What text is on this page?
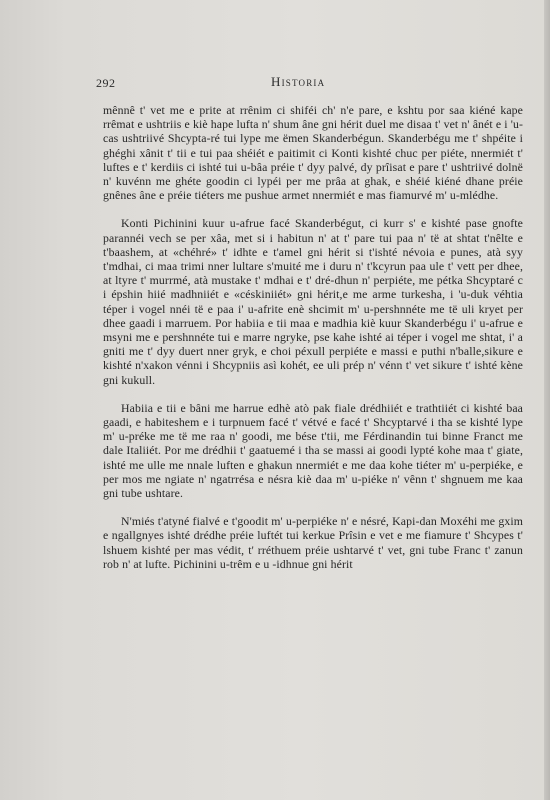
292	Historia

mênnê t' vet me e prite at rrênim ci shiféi ch' n'e pare, e kshtu por saa kiéné kape rrêmat e ushtriis e kiè hape lufta n' shum âne gni hérit duel me disaa t' vet n' ânét e i 'u-cas ushtriivé Shcypta-ré tui lype me ëmen Skanderbégun. Skanderbégu me t' shpéite i ghéghi xânit t' tii e tui paa shéiét e paitimit ci Konti kishté chuc per piéte, nnermiét t' luftes e t' kerdiis ci ishté tui u-bâa préie t' dyy palvé, dy prîisat e pare t' ushtriivé dolnë n' kuvénn me ghéte goodin ci lypéi per me prâa at ghak, e shéié kiéné dhane préie gnênes âne e préie tiéters me pushue armet nnermiét e mas fiamurvé m' u-mlédhe.

Konti Pichinini kuur u-afrue facé Skanderbégut, ci kurr s' e kishté pase gnofte parannéi vech se per xâa, met si i habitun n' at t' pare tui paa n' të at shtat t'nêlte e t'baashem, at «chéhré» t' idhte e t'amel gni hérit si t'ishté névoia e punes, atà syy t'mdhai, ci maa trimi nner lultare s'muité me i duru n' t'kcyrun paa ule t' vett per dhee, at ltyre t' murrmé, atà mustake t' mdhai e t' dré-dhun n' perpiéte, me pétka Shcyptaré c i épshin hiié madhniiét e «céskiniiét» gni hérit,e me arme turkesha, i 'u-duk véhtia téper i vogel nnéi të e paa i' u-afrite enè shcimit m' u-pershnnéte me të uli kryet per dhee gaadi i marruem. Por habiia e tii maa e madhia kiè kuur Skanderbégu i' u-afrue e msyni me e pershnnéte tui e marre ngryke, pse kahe ishté ai téper i vogel me shtat, i' a gniti me t' dyy duert nner gryk, e choi péxull perpiéte e massi e puthi n'balle,sikure e kishté n'xakon vénni i Shcypniis asì kohét, ee uli prép n' vénn t' vet sikure t' ishté kène gni kukull.

Habiia e tii e bâni me harrue edhè atò pak fiale drédhiiét e trathtiiét ci kishté baa gaadi, e habiteshem e i turpnuem facé t' vétvé e facé t' Shcyptarvé i tha se kishté lype m' u-préke me të me raa n' goodi, me bése t'tii, me Férdinandin tui binne Franct me dale Italiiét. Por me drédhii t' gaatuemé i tha se massi ai goodi lypté kohe maa t' giate, ishté me ulle me nnale luften e ghakun nnermiét e me daa kohe tiéter m' u-perpiéke, e per mos me ngiate n' ngatrrésa e nésra kiè daa m' u-piéke n' vênn t' shgnuem me kaa gni tube ushtare.

N'miés t'atyné fialvé e t'goodit m' u-perpiéke n' e nésré, Kapi-dan Moxéhi me gxim e ngallgnyes ishté drédhe préie luftét tui kerkue Prîsin e vet e me fiamure t' Shcypes t' lshuem kishté per mas védit, t' rréthuem préie ushtarvé t' vet, gni tube Franc t' zanun rob n' at lufte. Pichinini u-trêm e u -idhnue gni hérit
